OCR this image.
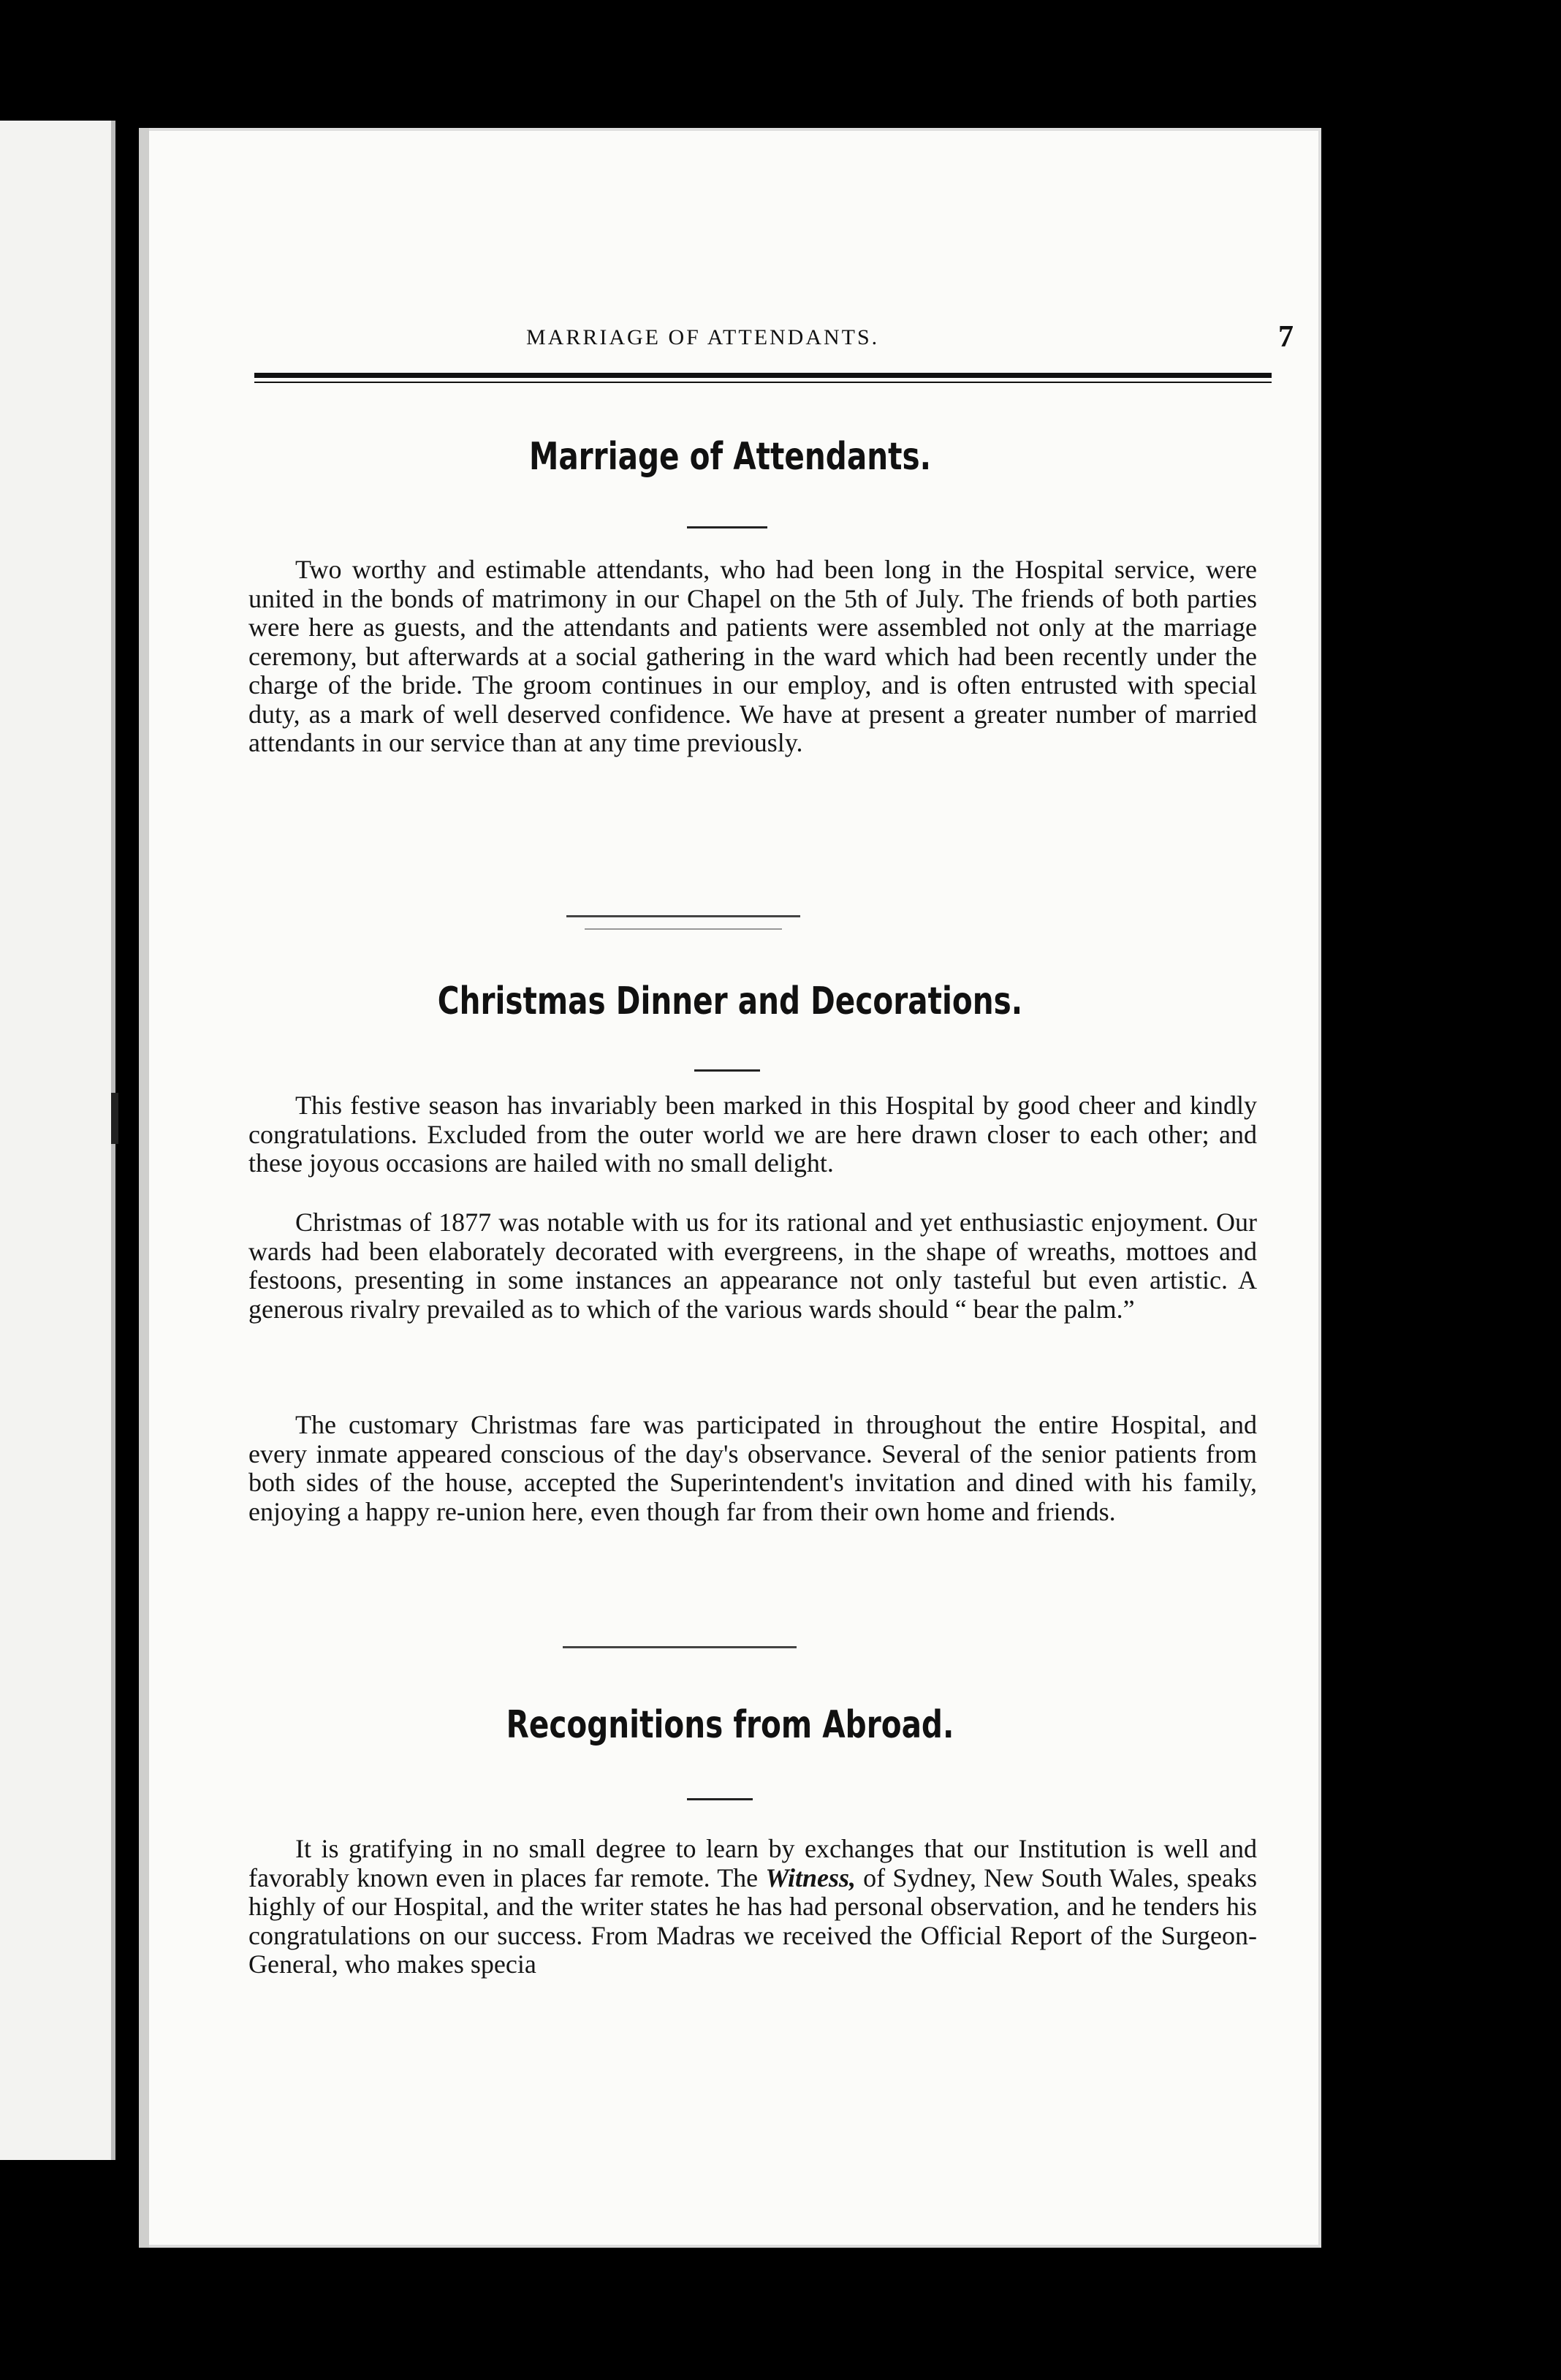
MARRIAGE OF ATTENDANTS.	7
Marriage of Attendants.

Two worthy and estimable attendants, who had been long in the Hospital service, were united in the bonds of matrimony in our Chapel on the 5th of July. The friends of both parties were here as guests, and the attendants and patients were assembled not only at the marriage ceremony, but afterwards at a social gathering in the ward which had been recently under the charge of the bride. The groom continues in our employ, and is often entrusted with special duty, as a mark of well deserved confidence. We have at present a greater number of married attendants in our service than at any time previously.

Christmas Dinner and Decorations.

This festive season has invariably been marked in this Hospital by good cheer and kindly congratulations. Excluded from the outer world we are here drawn closer to each other; and these joyous occasions are hailed with no small delight.

Christmas of 1877 was notable with us for its rational and yet enthusiastic enjoyment. Our wards had been elaborately decorated with evergreens, in the shape of wreaths, mottoes and festoons, presenting in some instances an appearance not only tasteful but even artistic. A generous rivalry prevailed as to which of the various wards should “ bear the palm.”

The customary Christmas fare was participated in throughout the entire Hospital, and every inmate appeared conscious of the day's observance. Several of the senior patients from both sides of the house, accepted the Superintendent's invitation and dined with his family, enjoying a happy re-union here, even though far from their own home and friends.

Recognitions from Abroad.

It is gratifying in no small degree to learn by exchanges that our Institution is well and favorably known even in places far remote. The Witness, of Sydney, New South Wales, speaks highly of our Hospital, and the writer states he has had personal observation, and he tenders his congratulations on our success. From Madras we received the Official Report of the Surgeon-General, who makes specia
